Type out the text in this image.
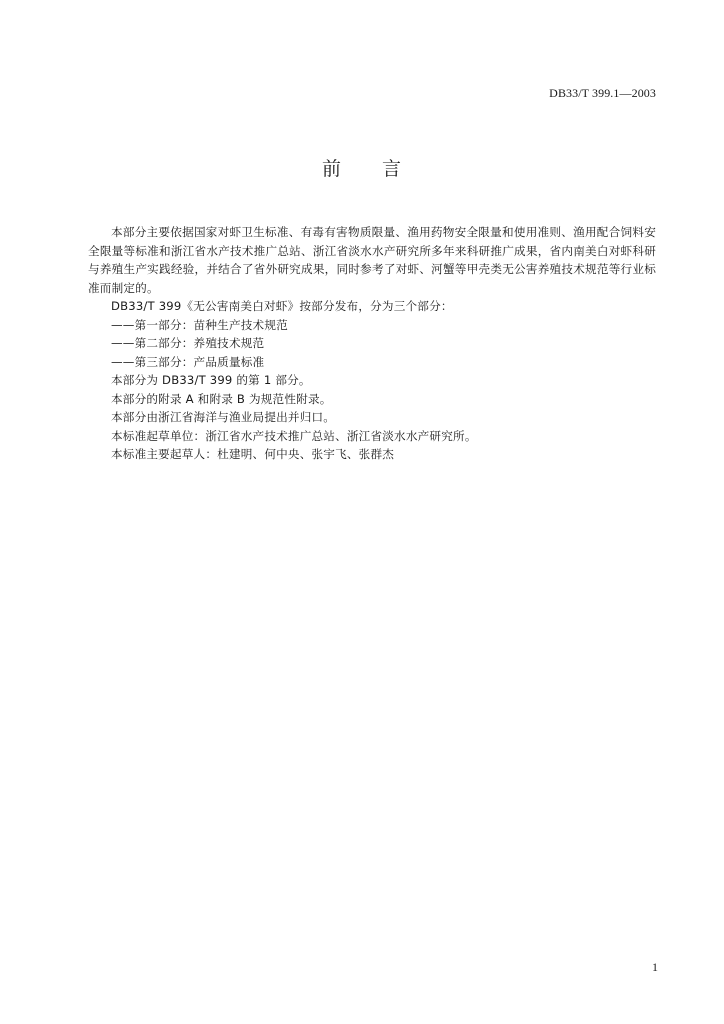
DB33/T 399.1—2003
前 言

本部分主要依据国家对虾卫生标准、有毒有害物质限量、渔用药物安全限量和使用准则、渔用配合饲料安全限量等标准和浙江省水产技术推广总站、浙江省淡水水产研究所多年来科研推广成果，省内南美白对虾科研与养殖生产实践经验，并结合了省外研究成果，同时参考了对虾、河蟹等甲壳类无公害养殖技术规范等行业标准而制定的。

DB33/T 399《无公害南美白对虾》按部分发布，分为三个部分：

——第一部分：苗种生产技术规范

——第二部分：养殖技术规范

——第三部分：产品质量标准

本部分为 DB33/T 399 的第 1 部分。

本部分的附录 A 和附录 B 为规范性附录。

本部分由浙江省海洋与渔业局提出并归口。

本标准起草单位：浙江省水产技术推广总站、浙江省淡水水产研究所。

本标准主要起草人：杜建明、何中央、张宇飞、张群杰

1
